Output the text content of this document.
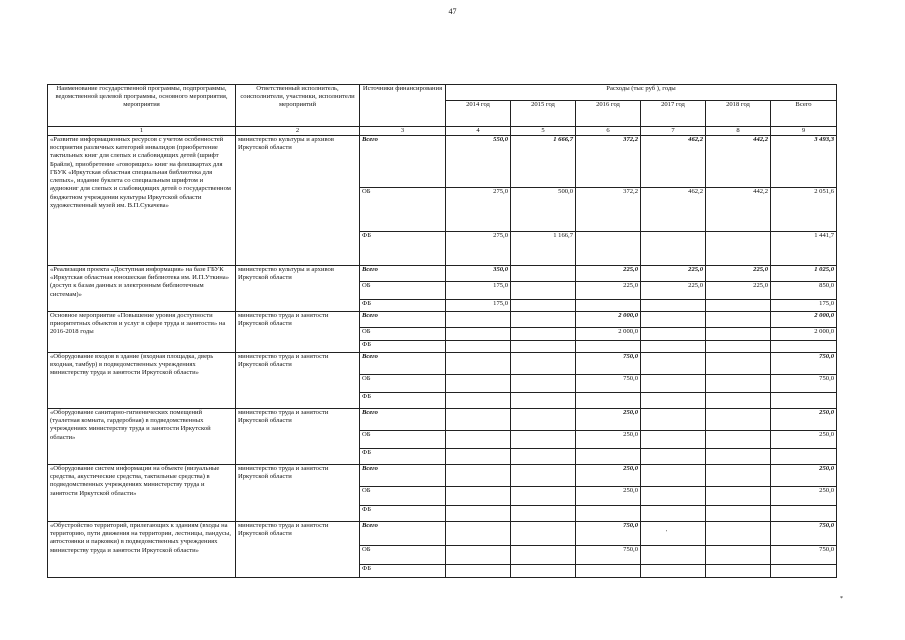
47
Наименование государственной программы, подпрограммы, ведомственной целевой программы, основного мероприятия, мероприятия	Ответственный исполнитель, соисполнители, участники, исполнители мероприятий	Источники финансирования	Расходы (тыс руб ), годы					
			2014 год	2015 год	2016 год	2017 год	2018 год	Всего
1	2	3	4	5	6	7	8	9
«Развитие информационных ресурсов с учетом особенностей восприятия различных категорий инвалидов (приобретение тактильных книг для слепых и слабовидящих детей (шрифт Брайля), приобретение «говорящих» книг на флешкартах для ГБУК «Иркутская областная специальная библиотека для слепых», издание буклета со специальным шрифтом и аудиокниг для слепых и слабовидящих детей о государственном бюджетном учреждении культуры Иркутской области художественный музей им. В.П.Сукачева»	министерство культуры и архивов Иркутской области	Всего	550,0	1 666,7	372,2	462,2	442,2	3 493,3
		ОБ	275,0	500,0	372,2	462,2	442,2	2 051,6
		ФБ	275,0	1 166,7				1 441,7
«Реализация проекта «Доступная информация» на базе ГБУК «Иркутская областная юношеская библиотека им. И.П.Уткина» (доступ к базам данных и электронным библиотечным системам)»	министерство культуры и архивов Иркутской области	Всего	350,0		225,0	225,0	225,0	1 025,0
		ОБ	175,0		225,0	225,0	225,0	850,0
		ФБ	175,0					175,0
Основное мероприятие «Повышение уровня доступности приоритетных объектов и услуг в сфере труда и занятости» на 2016-2018 годы	министерство труда и занятости Иркутской области	Всего			2 000,0			2 000,0
		ОБ			2 000,0			2 000,0
		ФБ						
«Оборудование входов в здание (входная площадка, дверь входная, тамбур) в подведомственных учреждениях министерству труда и занятости Иркутской области»	министерство труда и занятости Иркутской области	Всего			750,0			750,0
		ОБ			750,0			750,0
		ФБ						
«Оборудование санитарно-гигиенических помещений (туалетная комната, гардеробная) в подведомственных учреждениях министерству труда и занятости Иркутской области»	министерство труда и занятости Иркутской области	Всего			250,0			250,0
		ОБ			250,0			250,0
		ФБ						
«Оборудование систем информации на объекте (визуальные средства, акустические средства, тактильные средства) в подведомственных учреждениях министерству труда и занятости Иркутской области»	министерство труда и занятости Иркутской области	Всего			250,0			250,0
		ОБ			250,0			250,0
		ФБ						
«Обустройство территорий, прилегающих к зданиям (входы на территорию, пути движения на территории, лестницы, пандусы, автостоянки и парковки) в подведомственных учреждениях министерству труда и занятости Иркутской области»	министерство труда и занятости Иркутской области	Всего			750,0			750,0
		ОБ			750,0			750,0
		ФБ						
'
*
